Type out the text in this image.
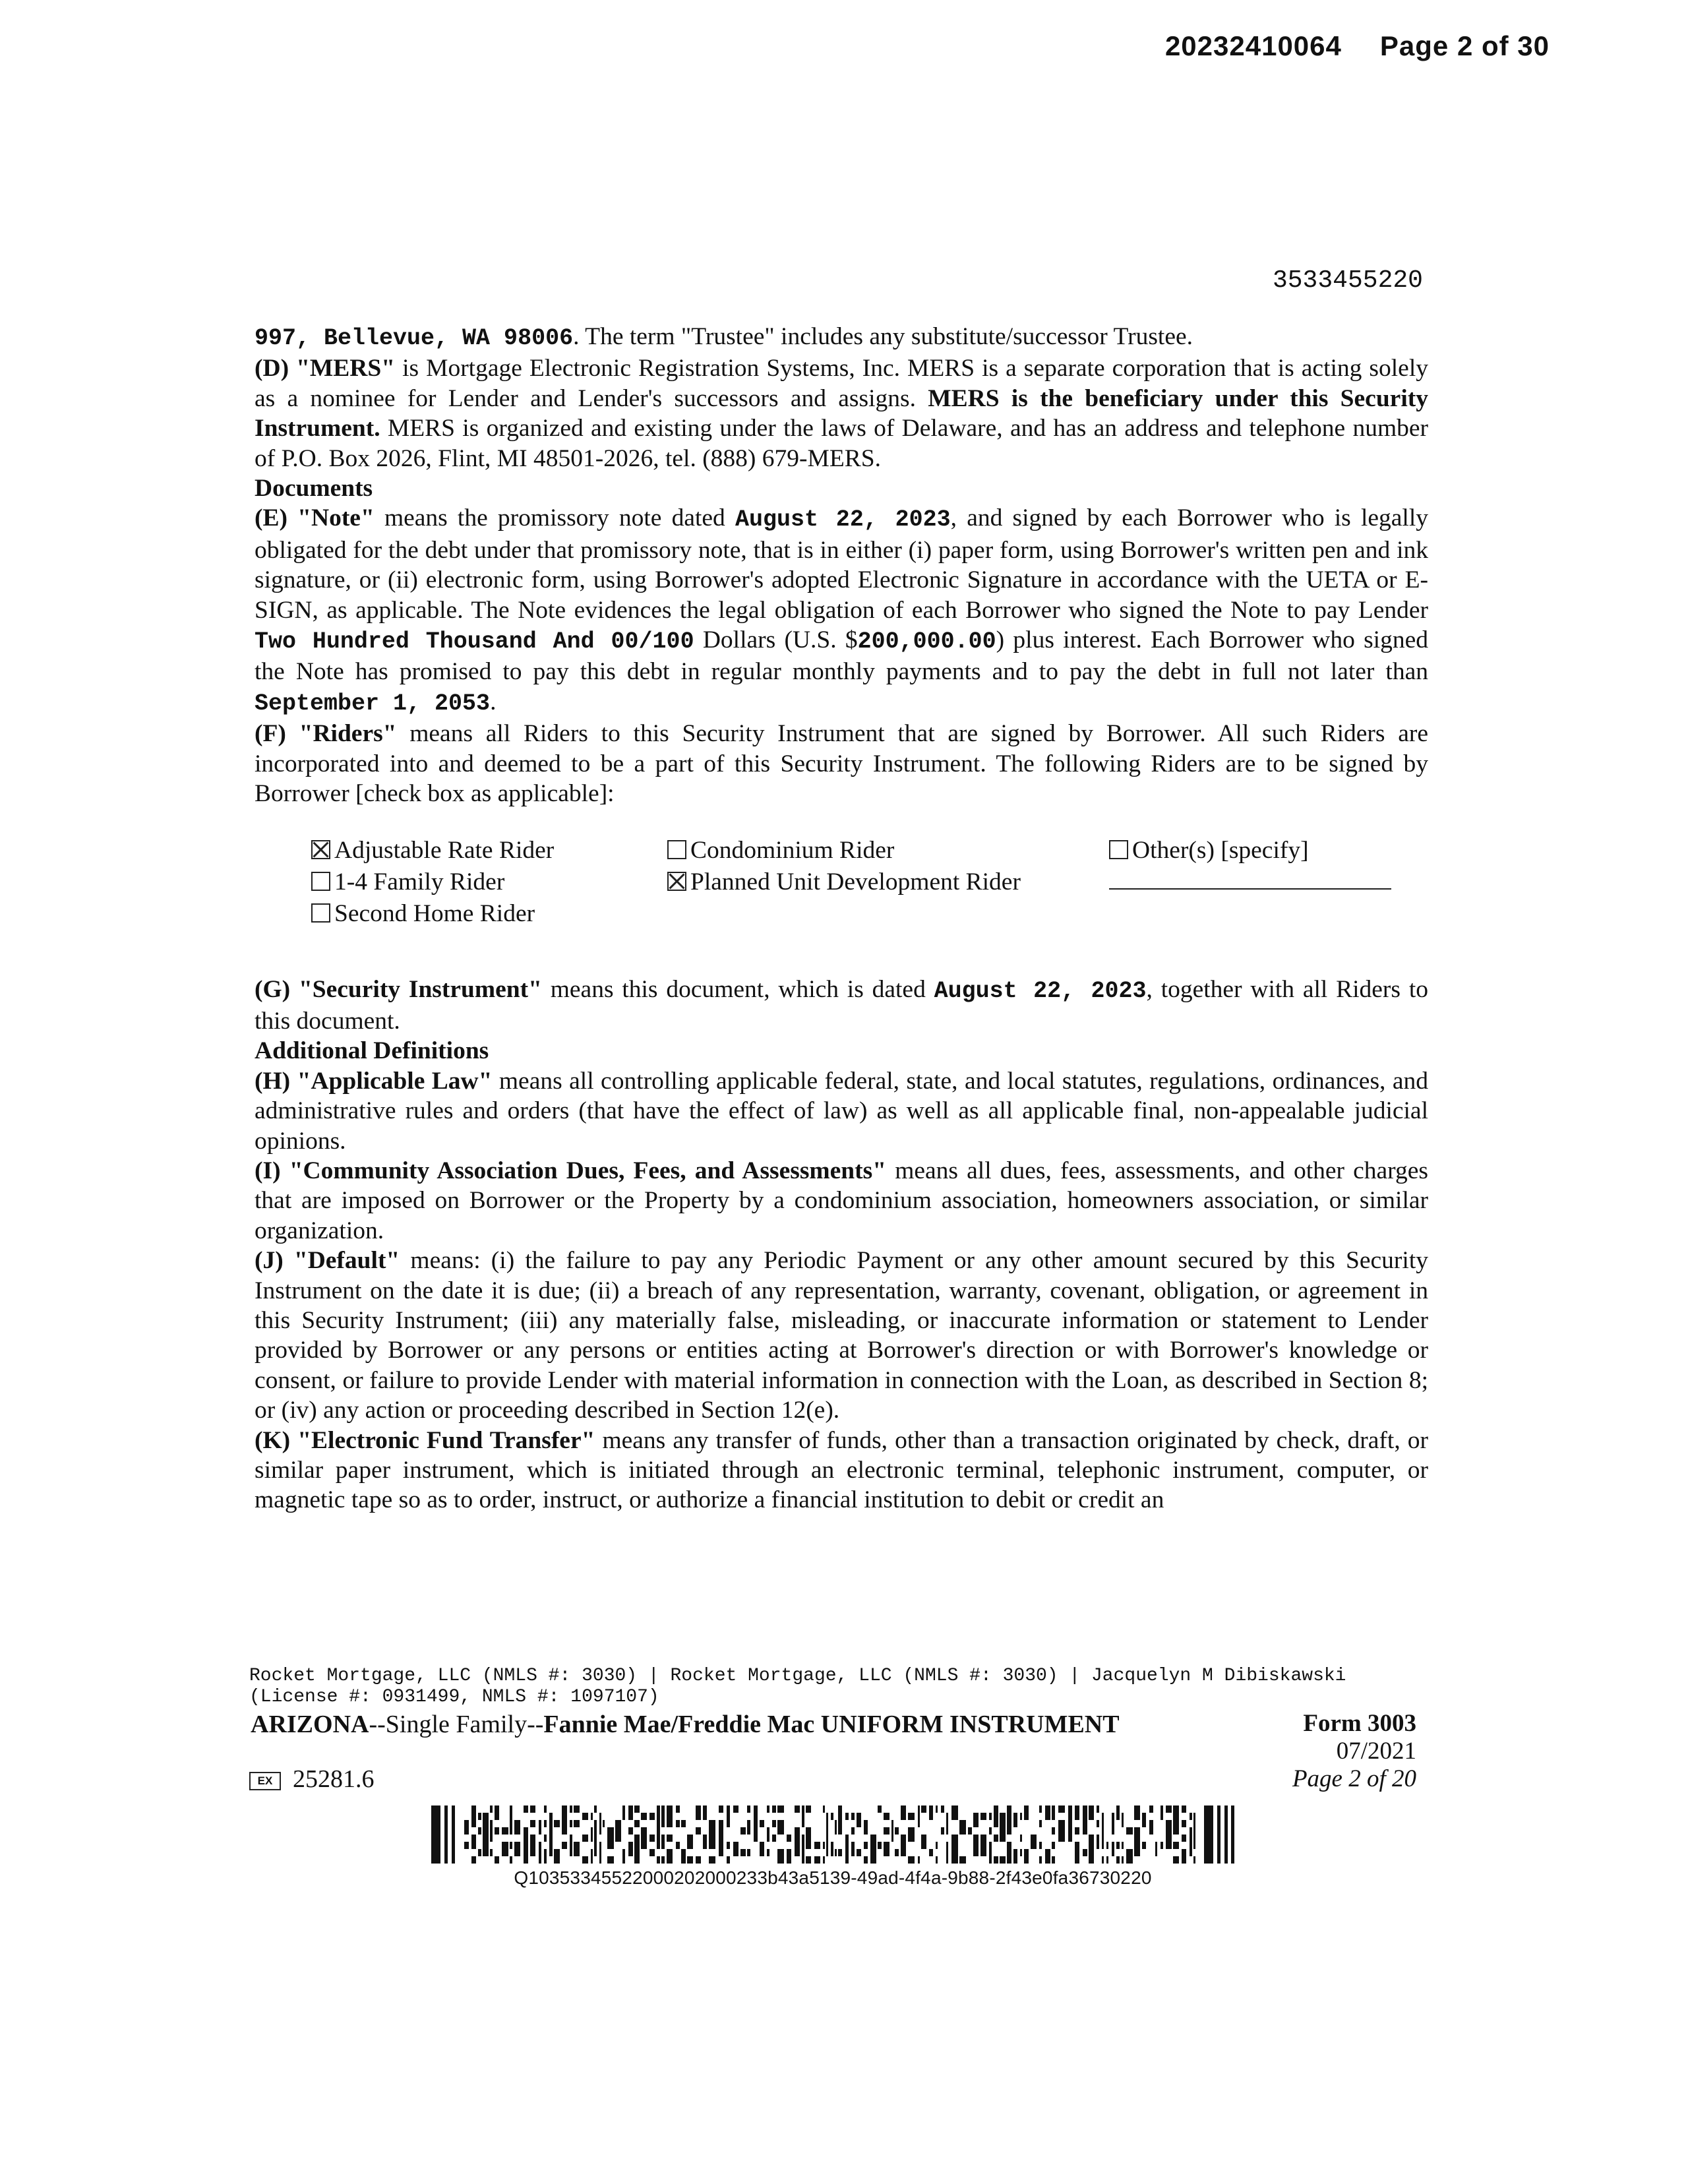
20232410064 Page 2 of 30
3533455220

997, Bellevue, WA 98006. The term "Trustee" includes any substitute/successor Trustee.

(D) "MERS" is Mortgage Electronic Registration Systems, Inc. MERS is a separate corporation that is acting solely as a nominee for Lender and Lender's successors and assigns. MERS is the beneficiary under this Security Instrument. MERS is organized and existing under the laws of Delaware, and has an address and telephone number of P.O. Box 2026, Flint, MI 48501-2026, tel. (888) 679-MERS.

Documents

(E) "Note" means the promissory note dated August 22, 2023, and signed by each Borrower who is legally obligated for the debt under that promissory note, that is in either (i) paper form, using Borrower's written pen and ink signature, or (ii) electronic form, using Borrower's adopted Electronic Signature in accordance with the UETA or E-SIGN, as applicable. The Note evidences the legal obligation of each Borrower who signed the Note to pay Lender Two Hundred Thousand And 00/100 Dollars (U.S. $200,000.00) plus interest. Each Borrower who signed the Note has promised to pay this debt in regular monthly payments and to pay the debt in full not later than September 1, 2053.

(F) "Riders" means all Riders to this Security Instrument that are signed by Borrower. All such Riders are incorporated into and deemed to be a part of this Security Instrument. The following Riders are to be signed by Borrower [check box as applicable]:

Adjustable Rate Rider	Condominium Rider	Other(s) [specify]
1-4 Family Rider	Planned Unit Development Rider
Second Home Rider

(G) "Security Instrument" means this document, which is dated August 22, 2023, together with all Riders to this document.

Additional Definitions

(H) "Applicable Law" means all controlling applicable federal, state, and local statutes, regulations, ordinances, and administrative rules and orders (that have the effect of law) as well as all applicable final, non-appealable judicial opinions.

(I) "Community Association Dues, Fees, and Assessments" means all dues, fees, assessments, and other charges that are imposed on Borrower or the Property by a condominium association, homeowners association, or similar organization.

(J) "Default" means: (i) the failure to pay any Periodic Payment or any other amount secured by this Security Instrument on the date it is due; (ii) a breach of any representation, warranty, covenant, obligation, or agreement in this Security Instrument; (iii) any materially false, misleading, or inaccurate information or statement to Lender provided by Borrower or any persons or entities acting at Borrower's direction or with Borrower's knowledge or consent, or failure to provide Lender with material information in connection with the Loan, as described in Section 8; or (iv) any action or proceeding described in Section 12(e).

(K) "Electronic Fund Transfer" means any transfer of funds, other than a transaction originated by check, draft, or similar paper instrument, which is initiated through an electronic terminal, telephonic instrument, computer, or magnetic tape so as to order, instruct, or authorize a financial institution to debit or credit an

Rocket Mortgage, LLC (NMLS #: 3030) | Rocket Mortgage, LLC (NMLS #: 3030) | Jacquelyn M Dibiskawski (License #: 0931499, NMLS #: 1097107)
ARIZONA--Single Family--Fannie Mae/Freddie Mac UNIFORM INSTRUMENT	Form 3003
07/2021
Page 2 of 20
EX 25281.6
Q10353345522000202000233b43a5139-49ad-4f4a-9b88-2f43e0fa36730220
